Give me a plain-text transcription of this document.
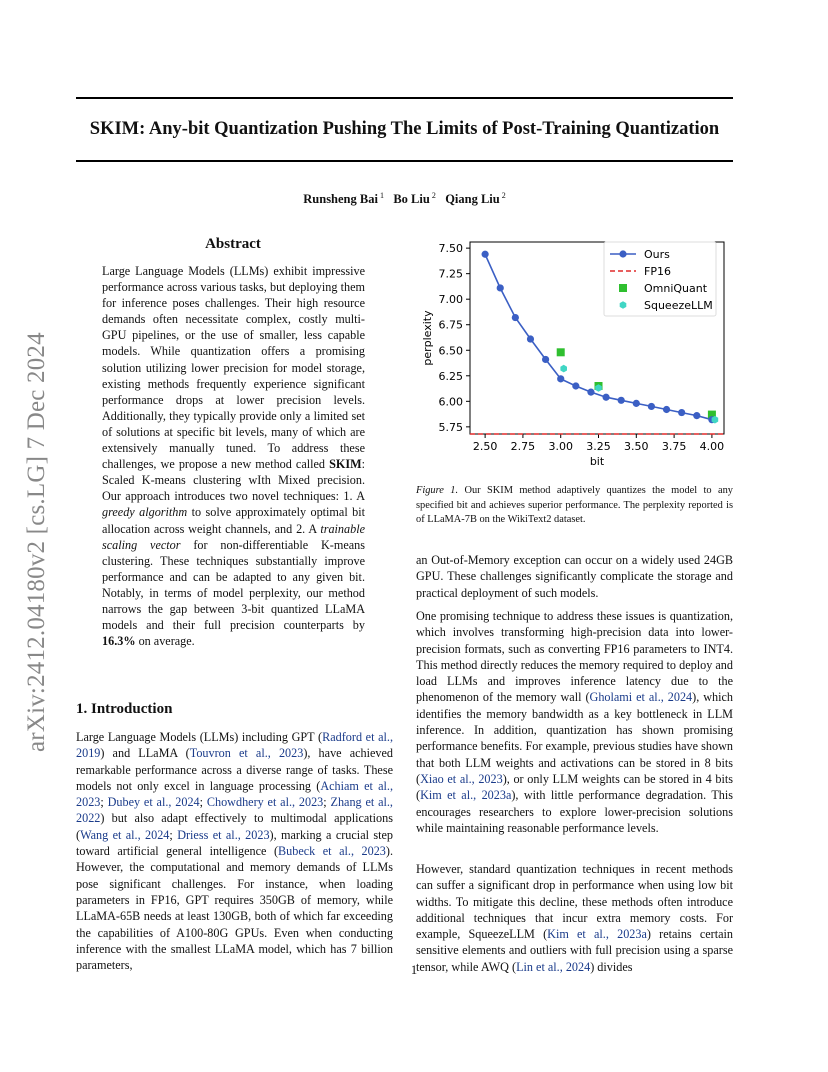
SKIM: Any-bit Quantization Pushing The Limits of Post-Training Quantization
Runsheng Bai $^1$ Bo Liu $^2$ Qiang Liu $^2$
arXiv:2412.04180v2 [cs.LG] 7 Dec 2024
Abstract
Large Language Models (LLMs) exhibit impressive performance across various tasks, but deploying them for inference poses challenges. Their high resource demands often necessitate complex, costly multi-GPU pipelines, or the use of smaller, less capable models. While quantization offers a promising solution utilizing lower precision for model storage, existing methods frequently experience significant performance drops at lower precision levels. Additionally, they typically provide only a limited set of solutions at specific bit levels, many of which are extensively manually tuned. To address these challenges, we propose a new method called SKIM: Scaled K-means clustering wIth Mixed precision. Our approach introduces two novel techniques: 1. A greedy algorithm to solve approximately optimal bit allocation across weight channels, and 2. A trainable scaling vector for non-differentiable K-means clustering. These techniques substantially improve performance and can be adapted to any given bit. Notably, in terms of model perplexity, our method narrows the gap between 3-bit quantized LLaMA models and their full precision counterparts by 16.3% on average.
1. Introduction
Large Language Models (LLMs) including GPT (Radford et al., 2019) and LLaMA (Touvron et al., 2023), have achieved remarkable performance across a diverse range of tasks. These models not only excel in language processing (Achiam et al., 2023; Dubey et al., 2024; Chowdhery et al., 2023; Zhang et al., 2022) but also adapt effectively to multimodal applications (Wang et al., 2024; Driess et al., 2023), marking a crucial step toward artificial general intelligence (Bubeck et al., 2023). However, the computational and memory demands of LLMs pose significant challenges. For instance, when loading parameters in FP16, GPT requires 350GB of memory, while LLaMA-65B needs at least 130GB, both of which far exceeding the capabilities of A100-80G GPUs. Even when conducting inference with the smallest LLaMA model, which has 7 billion parameters,
2.50 2.75 3.00 3.25 3.50 3.75 4.00
5.75
6.00
6.25
6.50
6.75
7.00
7.25
7.50
bit
perplexity
Ours
FP16
OmniQuant
SqueezeLLM
Figure 1. Our SKIM method adaptively quantizes the model to any specified bit and achieves superior performance. The perplexity reported is of LLaMA-7B on the WikiText2 dataset.
an Out-of-Memory exception can occur on a widely used 24GB GPU. These challenges significantly complicate the storage and practical deployment of such models.
One promising technique to address these issues is quantization, which involves transforming high-precision data into lower-precision formats, such as converting FP16 parameters to INT4. This method directly reduces the memory required to deploy and load LLMs and improves inference latency due to the phenomenon of the memory wall (Gholami et al., 2024), which identifies the memory bandwidth as a key bottleneck in LLM inference. In addition, quantization has shown promising performance benefits. For example, previous studies have shown that both LLM weights and activations can be stored in 8 bits (Xiao et al., 2023), or only LLM weights can be stored in 4 bits (Kim et al., 2023a), with little performance degradation. This encourages researchers to explore lower-precision solutions while maintaining reasonable performance levels.
However, standard quantization techniques in recent methods can suffer a significant drop in performance when using low bit widths. To mitigate this decline, these methods often introduce additional techniques that incur extra memory costs. For example, SqueezeLLM (Kim et al., 2023a) retains certain sensitive elements and outliers with full precision using a sparse tensor, while AWQ (Lin et al., 2024) divides
1
